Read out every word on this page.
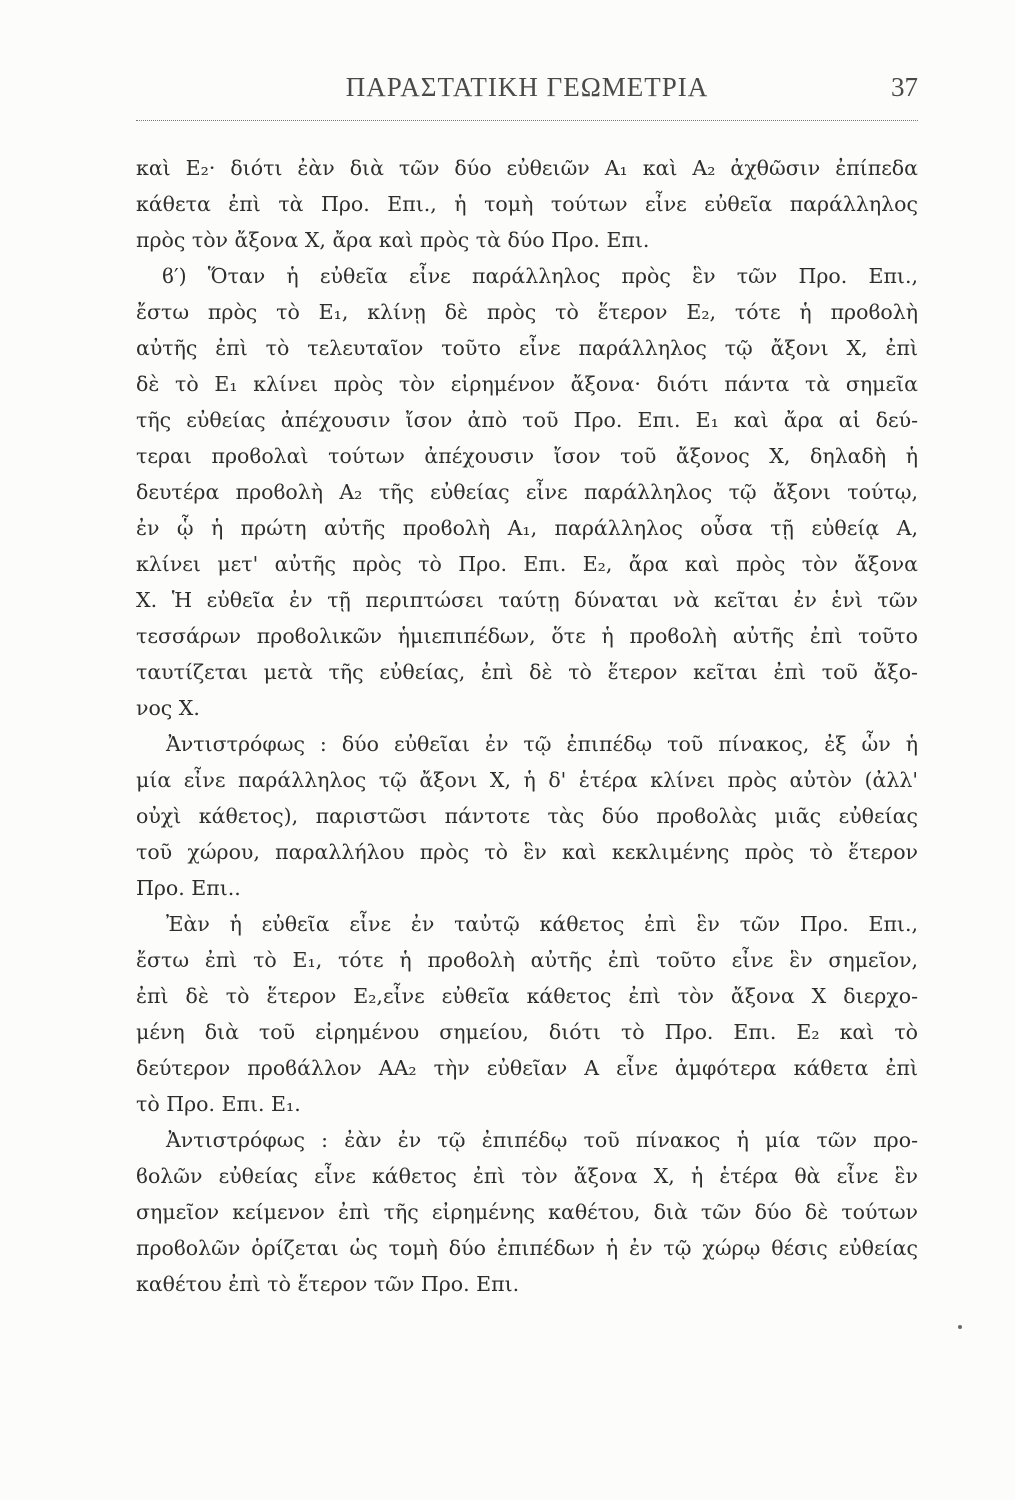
ΠΑΡΑΣΤΑΤΙΚΗ ΓΕΩΜΕΤΡΙΑ	37
καὶ Ε₂· διότι ἐὰν διὰ τῶν δύο εὐθειῶν Α₁ καὶ Α₂ ἀχθῶσιν ἐπίπεδα
κάθετα ἐπὶ τὰ Προ. Επι., ἡ τομὴ τούτων εἶνε εὐθεῖα παράλληλος
πρὸς τὸν ἄξονα Χ, ἄρα καὶ πρὸς τὰ δύο Προ. Επι.
ϐ′) Ὅταν ἡ εὐθεῖα εἶνε παράλληλος πρὸς ἓν τῶν Προ. Επι.,
ἔστω πρὸς τὸ Ε₁, κλίνῃ δὲ πρὸς τὸ ἕτερον Ε₂, τότε ἡ προϐολὴ
αὐτῆς ἐπὶ τὸ τελευταῖον τοῦτο εἶνε παράλληλος τῷ ἄξονι Χ, ἐπὶ
δὲ τὸ Ε₁ κλίνει πρὸς τὸν εἰρημένον ἄξονα· διότι πάντα τὰ σημεῖα
τῆς εὐθείας ἀπέχουσιν ἴσον ἀπὸ τοῦ Προ. Επι. Ε₁ καὶ ἄρα αἱ δεύ-
τεραι προϐολαὶ τούτων ἀπέχουσιν ἴσον τοῦ ἄξονος Χ, δηλαδὴ ἡ
δευτέρα προϐολὴ Α₂ τῆς εὐθείας εἶνε παράλληλος τῷ ἄξονι τούτῳ,
ἐν ᾧ ἡ πρώτη αὐτῆς προϐολὴ Α₁, παράλληλος οὖσα τῇ εὐθείᾳ Α,
κλίνει μετ' αὐτῆς πρὸς τὸ Προ. Επι. Ε₂, ἄρα καὶ πρὸς τὸν ἄξονα
Χ. Ἡ εὐθεῖα ἐν τῇ περιπτώσει ταύτῃ δύναται νὰ κεῖται ἐν ἑνὶ τῶν
τεσσάρων προϐολικῶν ἡμιεπιπέδων, ὅτε ἡ προϐολὴ αὐτῆς ἐπὶ τοῦτο
ταυτίζεται μετὰ τῆς εὐθείας, ἐπὶ δὲ τὸ ἕτερον κεῖται ἐπὶ τοῦ ἄξο-
νος Χ.
Ἀντιστρόφως : δύο εὐθεῖαι ἐν τῷ ἐπιπέδῳ τοῦ πίνακος, ἐξ ὧν ἡ
μία εἶνε παράλληλος τῷ ἄξονι Χ, ἡ δ' ἑτέρα κλίνει πρὸς αὐτὸν (ἀλλ'
οὐχὶ κάθετος), παριστῶσι πάντοτε τὰς δύο προϐολὰς μιᾶς εὐθείας
τοῦ χώρου, παραλλήλου πρὸς τὸ ἓν καὶ κεκλιμένης πρὸς τὸ ἕτερον
Προ. Επι..
Ἐὰν ἡ εὐθεῖα εἶνε ἐν ταὐτῷ κάθετος ἐπὶ ἓν τῶν Προ. Επι.,
ἔστω ἐπὶ τὸ Ε₁, τότε ἡ προϐολὴ αὐτῆς ἐπὶ τοῦτο εἶνε ἓν σημεῖον,
ἐπὶ δὲ τὸ ἕτερον Ε₂,εἶνε εὐθεῖα κάθετος ἐπὶ τὸν ἄξονα Χ διερχο-
μένη διὰ τοῦ εἰρημένου σημείου, διότι τὸ Προ. Επι. Ε₂ καὶ τὸ
δεύτερον προϐάλλον ΑΑ₂ τὴν εὐθεῖαν Α εἶνε ἀμφότερα κάθετα ἐπὶ
τὸ Προ. Επι. Ε₁.
Ἀντιστρόφως : ἐὰν ἐν τῷ ἐπιπέδῳ τοῦ πίνακος ἡ μία τῶν προ-
ϐολῶν εὐθείας εἶνε κάθετος ἐπὶ τὸν ἄξονα Χ, ἡ ἑτέρα θὰ εἶνε ἓν
σημεῖον κείμενον ἐπὶ τῆς εἰρημένης καθέτου, διὰ τῶν δύο δὲ τούτων
προϐολῶν ὁρίζεται ὡς τομὴ δύο ἐπιπέδων ἡ ἐν τῷ χώρῳ θέσις εὐθείας
καθέτου ἐπὶ τὸ ἕτερον τῶν Προ. Επι.
